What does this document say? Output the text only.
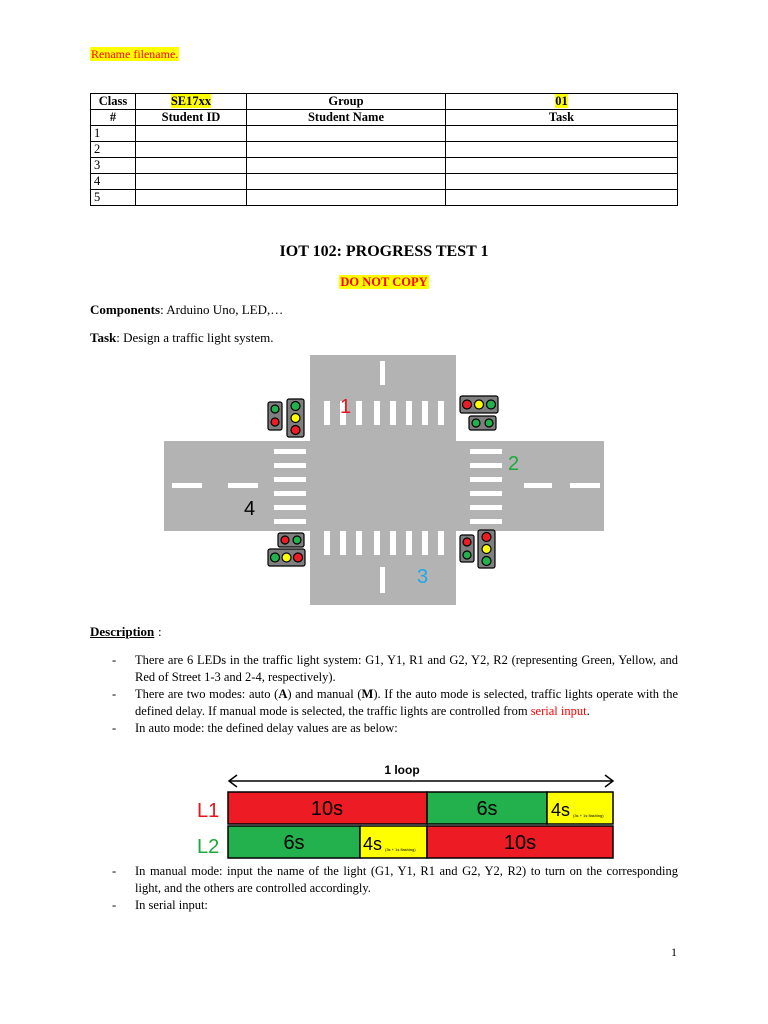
Rename filename.
Class	SE17xx	Group	01
#	Student ID	Student Name	Task
1			
2			
3			
4			
5			
IOT 102: PROGRESS TEST 1
DO NOT COPY
Components: Arduino Uno, LED,…
Task: Design a traffic light system.
1
2
3
4
Description :
- There are 6 LEDs in the traffic light system: G1, Y1, R1 and G2, Y2, R2 (representing Green, Yellow, and Red of Street 1-3 and 2-4, respectively).
- There are two modes: auto (A) and manual (M). If the auto mode is selected, traffic lights operate with the defined delay. If manual mode is selected, the traffic lights are controlled from serial input.
- In auto mode: the defined delay values are as below:
1 loop
L1
L2
10s	6s	4s (3s + 1s flashing)
6s	4s (3s + 1s flashing)	10s
- In manual mode: input the name of the light (G1, Y1, R1 and G2, Y2, R2) to turn on the corresponding light, and the others are controlled accordingly.
- In serial input:
1
